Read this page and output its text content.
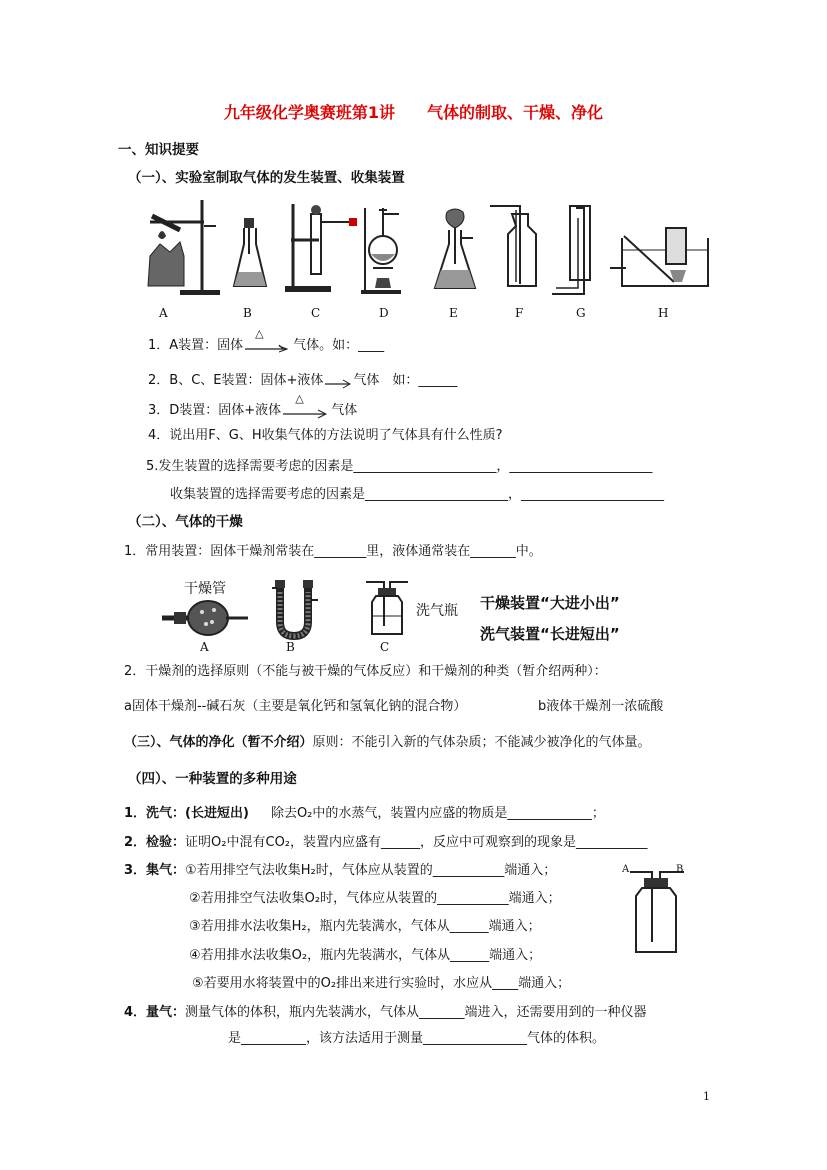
九年级化学奥赛班第1讲　　气体的制取、干燥、净化
一、知识提要
（一）、实验室制取气体的发生装置、收集装置
A	B	C	D	E	F	G	H
1．A装置：固体
△
气体。如：____
2．B、C、E装置：固体+液体 气体　如：______
3．D装置：固体+液体
△
气体
4．说出用F、G、H收集气体的方法说明了气体具有什么性质?
5.发生装置的选择需要考虑的因素是______________________，______________________
收集装置的选择需要考虑的因素是______________________，______________________
（二）、气体的干燥
1．常用装置：固体干燥剂常装在________里，液体通常装在_______中。
干燥管
洗气瓶
A	B	C
干燥装置“大进小出”
洗气装置“长进短出”
2．干燥剂的选择原则（不能与被干燥的气体反应）和干燥剂的种类（暂介绍两种）：
a固体干燥剂--碱石灰（主要是氧化钙和氢氧化钠的混合物）	b液体干燥剂一浓硫酸
（三）、气体的净化（暂不介绍）原则：不能引入新的气体杂质；不能减少被净化的气体量。
（四）、一种装置的多种用途
1．洗气：(长进短出) 除去O₂中的水蒸气，装置内应盛的物质是_____________；
2．检验：证明O₂中混有CO₂，装置内应盛有______，反应中可观察到的现象是___________
3．集气：①若用排空气法收集H₂时，气体应从装置的___________端通入；
②若用排空气法收集O₂时，气体应从装置的___________端通入；
③若用排水法收集H₂，瓶内先装满水，气体从______端通入；
④若用排水法收集O₂，瓶内先装满水，气体从______端通入；
⑤若要用水将装置中的O₂排出来进行实验时，水应从____端通入；
A	B
4．量气：测量气体的体积，瓶内先装满水，气体从_______端进入，还需要用到的一种仪器
是__________，该方法适用于测量________________气体的体积。
1
